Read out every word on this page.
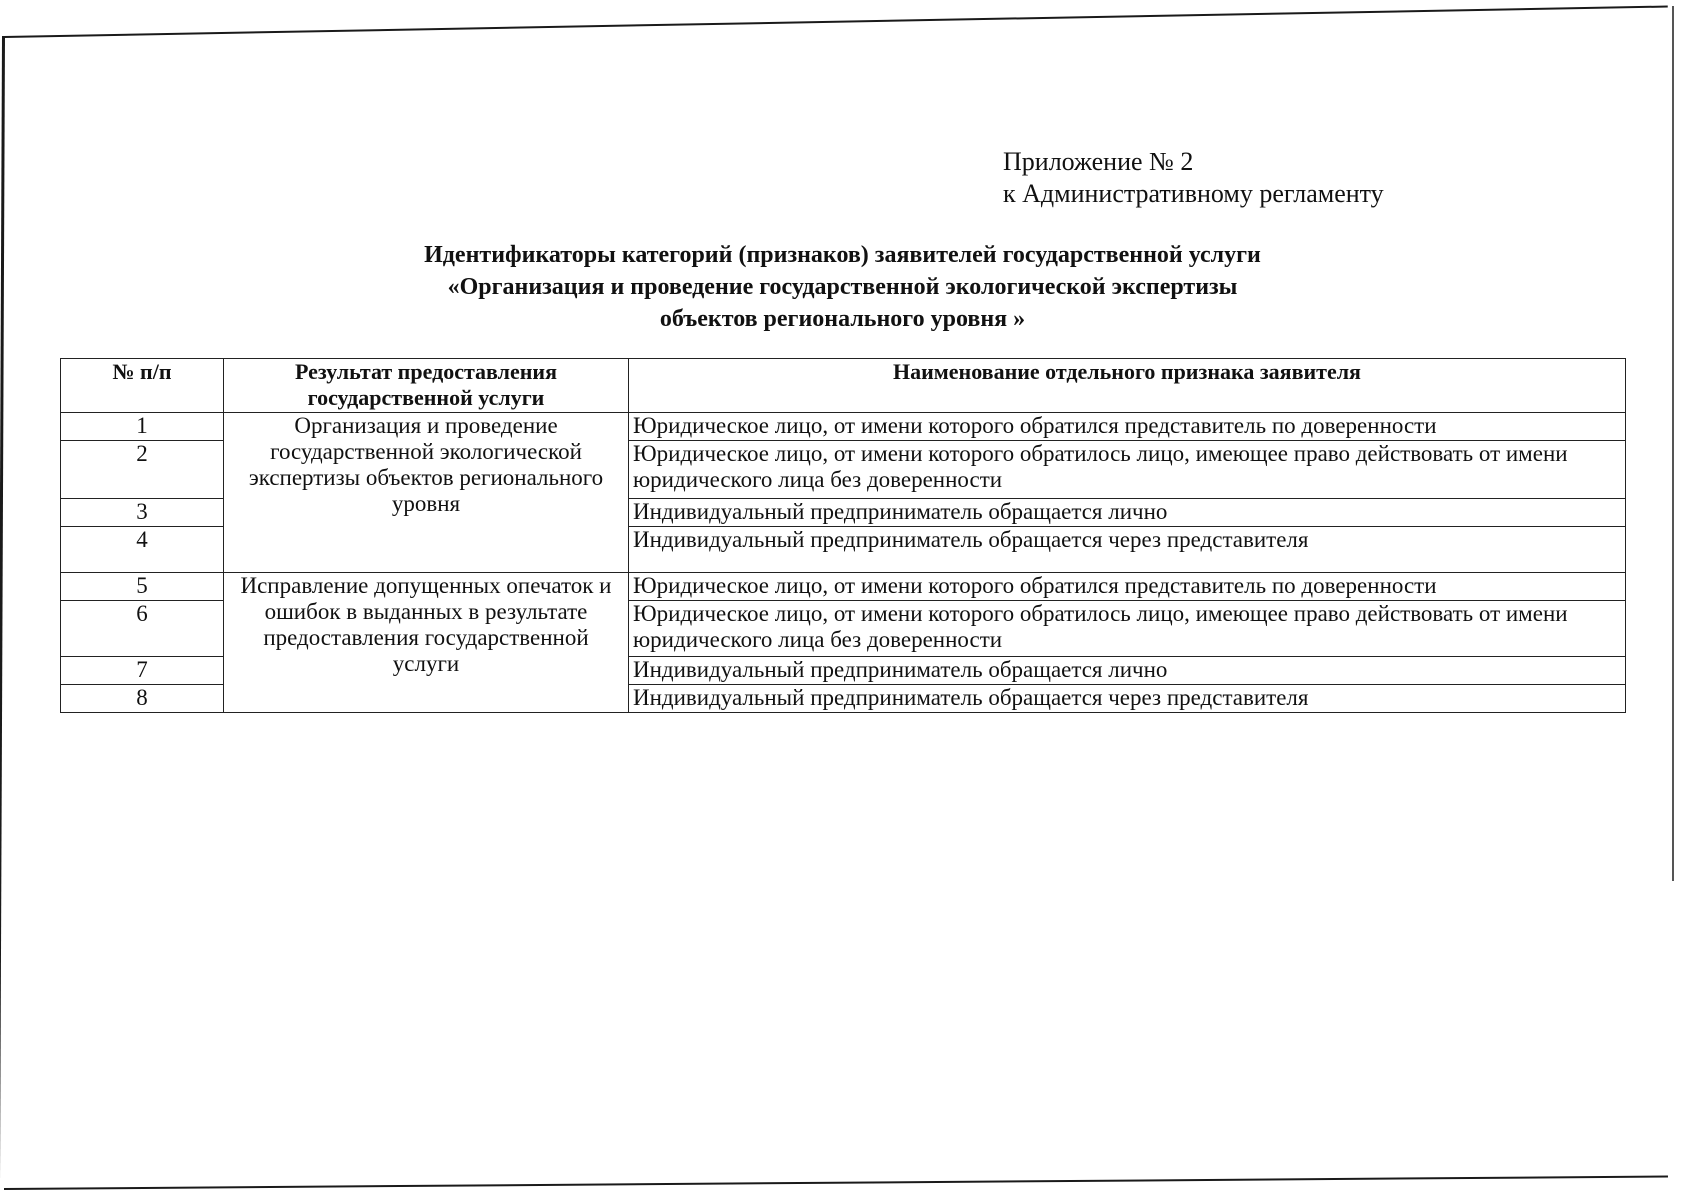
Приложение № 2
к Административному регламенту
Идентификаторы категорий (признаков) заявителей государственной услуги
«Организация и проведение государственной экологической экспертизы
объектов регионального уровня »
№ п/п	Результат предоставления государственной услуги	Наименование отдельного признака заявителя
1	Организация и проведение государственной экологической экспертизы объектов регионального уровня	Юридическое лицо, от имени которого обратился представитель по доверенности
2		Юридическое лицо, от имени которого обратилось лицо, имеющее право действовать от имени юридического лица без доверенности
3		Индивидуальный предприниматель обращается лично
4		Индивидуальный предприниматель обращается через представителя
5	Исправление допущенных опечаток и ошибок в выданных в результате предоставления государственной услуги	Юридическое лицо, от имени которого обратился представитель по доверенности
6		Юридическое лицо, от имени которого обратилось лицо, имеющее право действовать от имени юридического лица без доверенности
7		Индивидуальный предприниматель обращается лично
8		Индивидуальный предприниматель обращается через представителя
